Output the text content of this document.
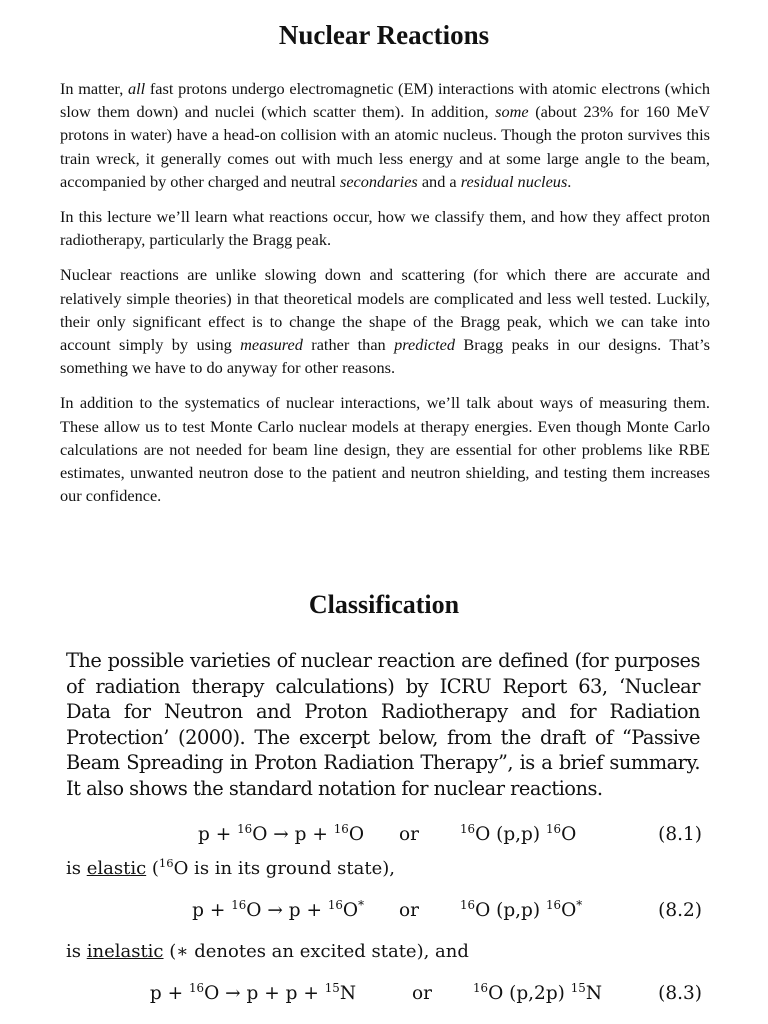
Nuclear Reactions

In matter, all fast protons undergo electromagnetic (EM) interactions with atomic electrons (which slow them down) and nuclei (which scatter them). In addition, some (about 23% for 160 MeV protons in water) have a head-on collision with an atomic nucleus. Though the proton survives this train wreck, it generally comes out with much less energy and at some large angle to the beam, accompanied by other charged and neutral secondaries and a residual nucleus.

In this lecture we’ll learn what reactions occur, how we classify them, and how they affect proton radiotherapy, particularly the Bragg peak.

Nuclear reactions are unlike slowing down and scattering (for which there are accurate and relatively simple theories) in that theoretical models are complicated and less well tested. Luckily, their only significant effect is to change the shape of the Bragg peak, which we can take into account simply by using measured rather than predicted Bragg peaks in our designs. That’s something we have to do anyway for other reasons.

In addition to the systematics of nuclear interactions, we’ll talk about ways of measuring them. These allow us to test Monte Carlo nuclear models at therapy energies. Even though Monte Carlo calculations are not needed for beam line design, they are essential for other problems like RBE estimates, unwanted neutron dose to the patient and neutron shielding, and testing them increases our confidence.

Classification

The possible varieties of nuclear reaction are defined (for purposes of radiation therapy calculations) by ICRU Report 63, ‘Nuclear Data for Neutron and Proton Radiotherapy and for Radiation Protection’ (2000). The excerpt below, from the draft of “Passive Beam Spreading in Proton Radiation Therapy”, is a brief summary. It also shows the standard notation for nuclear reactions.

p + $^{16}$O → p + $^{16}$O or	$^{16}$O (p,p) $^{16}$O	(8.1)
is elastic ($^{16}$O is in its ground state),
p + $^{16}$O → p + $^{16}$O* or	$^{16}$O (p,p) $^{16}$O*	(8.2)
is inelastic (∗ denotes an excited state), and
p + $^{16}$O → p + p + $^{15}$N	or	$^{16}$O (p,2p) $^{15}$N	(8.3)
